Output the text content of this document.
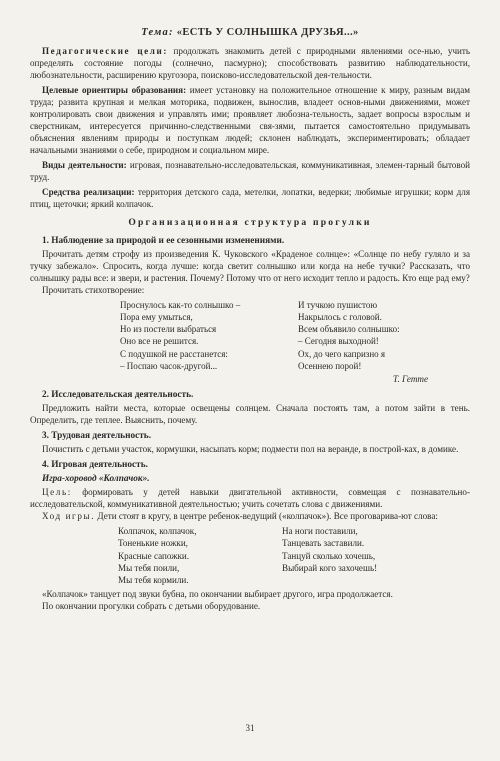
Тема: «ЕСТЬ У СОЛНЫШКА ДРУЗЬЯ...»

Педагогические цели: продолжать знакомить детей с природными явлениями осе-нью, учить определять состояние погоды (солнечно, пасмурно); способствовать развитию наблюдательности, любознательности, расширению кругозора, поисково-исследовательской дея-тельности.

Целевые ориентиры образования: имеет установку на положительное отношение к миру, разным видам труда; развита крупная и мелкая моторика, подвижен, вынослив, владеет основ-ными движениями, может контролировать свои движения и управлять ими; проявляет любозна-тельность, задает вопросы взрослым и сверстникам, интересуется причинно-следственными свя-зями, пытается самостоятельно придумывать объяснения явлениям природы и поступкам людей; склонен наблюдать, экспериментировать; обладает начальными знаниями о себе, природном и социальном мире.

Виды деятельности: игровая, познавательно-исследовательская, коммуникативная, элемен-тарный бытовой труд.

Средства реализации: территория детского сада, метелки, лопатки, ведерки; любимые игрушки; корм для птиц, щеточки; яркий колпачок.

Организационная структура прогулки
1. Наблюдение за природой и ее сезонными изменениями.

Прочитать детям строфу из произведения К. Чуковского «Краденое солнце»: «Солнце по небу гуляло и за тучку забежало». Спросить, когда лучше: когда светит солнышко или когда на небе тучки? Рассказать, что солнышку рады все: и звери, и растения. Почему? Потому что от него исходит тепло и радость. Кто еще рад ему?

Прочитать стихотворение:

Проснулось как-то солнышко –
Пора ему умыться,
Но из постели выбраться
Оно все не решится.
С подушкой не расстанется:
– Поспаю часок-другой...
И тучкою пушистою
Накрылось с головой.
Всем объявило солнышко:
– Сегодня выходной!
Ох, до чего капризно я
Осеннею порой!
Т. Гетте
2. Исследовательская деятельность.

Предложить найти места, которые освещены солнцем. Сначала постоять там, а потом зайти в тень. Определить, где теплее. Выяснить, почему.

3. Трудовая деятельность.

Почистить с детьми участок, кормушки, насыпать корм; подмести пол на веранде, в построй-ках, в домике.

4. Игровая деятельность.
Игра-хоровод «Колпачок».

Цель: формировать у детей навыки двигательной активности, совмещая с познавательно-исследовательской, коммуникативной деятельностью; учить сочетать слова с движениями.

Ход игры. Дети стоят в кругу, в центре ребенок-ведущий («колпачок»). Все проговарива-ют слова:

Колпачок, колпачок,
Тоненькие ножки,
Красные сапожки.
Мы тебя поили,
Мы тебя кормили.
На ноги поставили,
Танцевать заставили.
Танцуй сколько хочешь,
Выбирай кого захочешь!

«Колпачок» танцует под звуки бубна, по окончании выбирает другого, игра продолжается.

По окончании прогулки собрать с детьми оборудование.

31
